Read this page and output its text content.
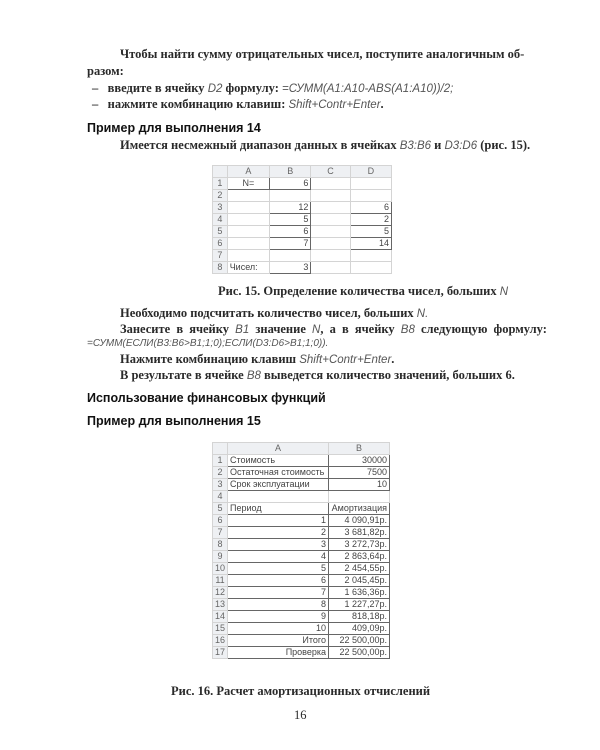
Чтобы найти сумму отрицательных чисел, поступите аналогичным об-
разом:
– введите в ячейку D2 формулу: =СУММ(A1:A10-ABS(A1:A10))/2;
– нажмите комбинацию клавиш: Shift+Contr+Enter.
Пример для выполнения 14
Имеется несмежный диапазон данных в ячейках B3:B6 и D3:D6 (рис. 15).
	A	B	C	D
1	N=	6		
2				
3		12		6
4		5		2
5		6		5
6		7		14
7				
8	Чисел:	3		
Рис. 15. Определение количества чисел, больших N
Необходимо подсчитать количество чисел, больших N.
Занесите в ячейку B1 значение N, а в ячейку B8 следующую формулу:
=СУММ(ЕСЛИ(B3:B6>B1;1;0);ЕСЛИ(D3:D6>B1;1;0)).
Нажмите комбинацию клавиш Shift+Contr+Enter.
В результате в ячейке B8 выведется количество значений, больших 6.
Использование финансовых функций
Пример для выполнения 15
	A	B
1	Стоимость	30000
2	Остаточная стоимость	7500
3	Срок эксплуатации	10
4		
5	Период	Амортизация
6	1	4 090,91р.
7	2	3 681,82р.
8	3	3 272,73р.
9	4	2 863,64р.
10	5	2 454,55р.
11	6	2 045,45р.
12	7	1 636,36р.
13	8	1 227,27р.
14	9	818,18р.
15	10	409,09р.
16	Итого	22 500,00р.
17	Проверка	22 500,00р.
Рис. 16. Расчет амортизационных отчислений
16
